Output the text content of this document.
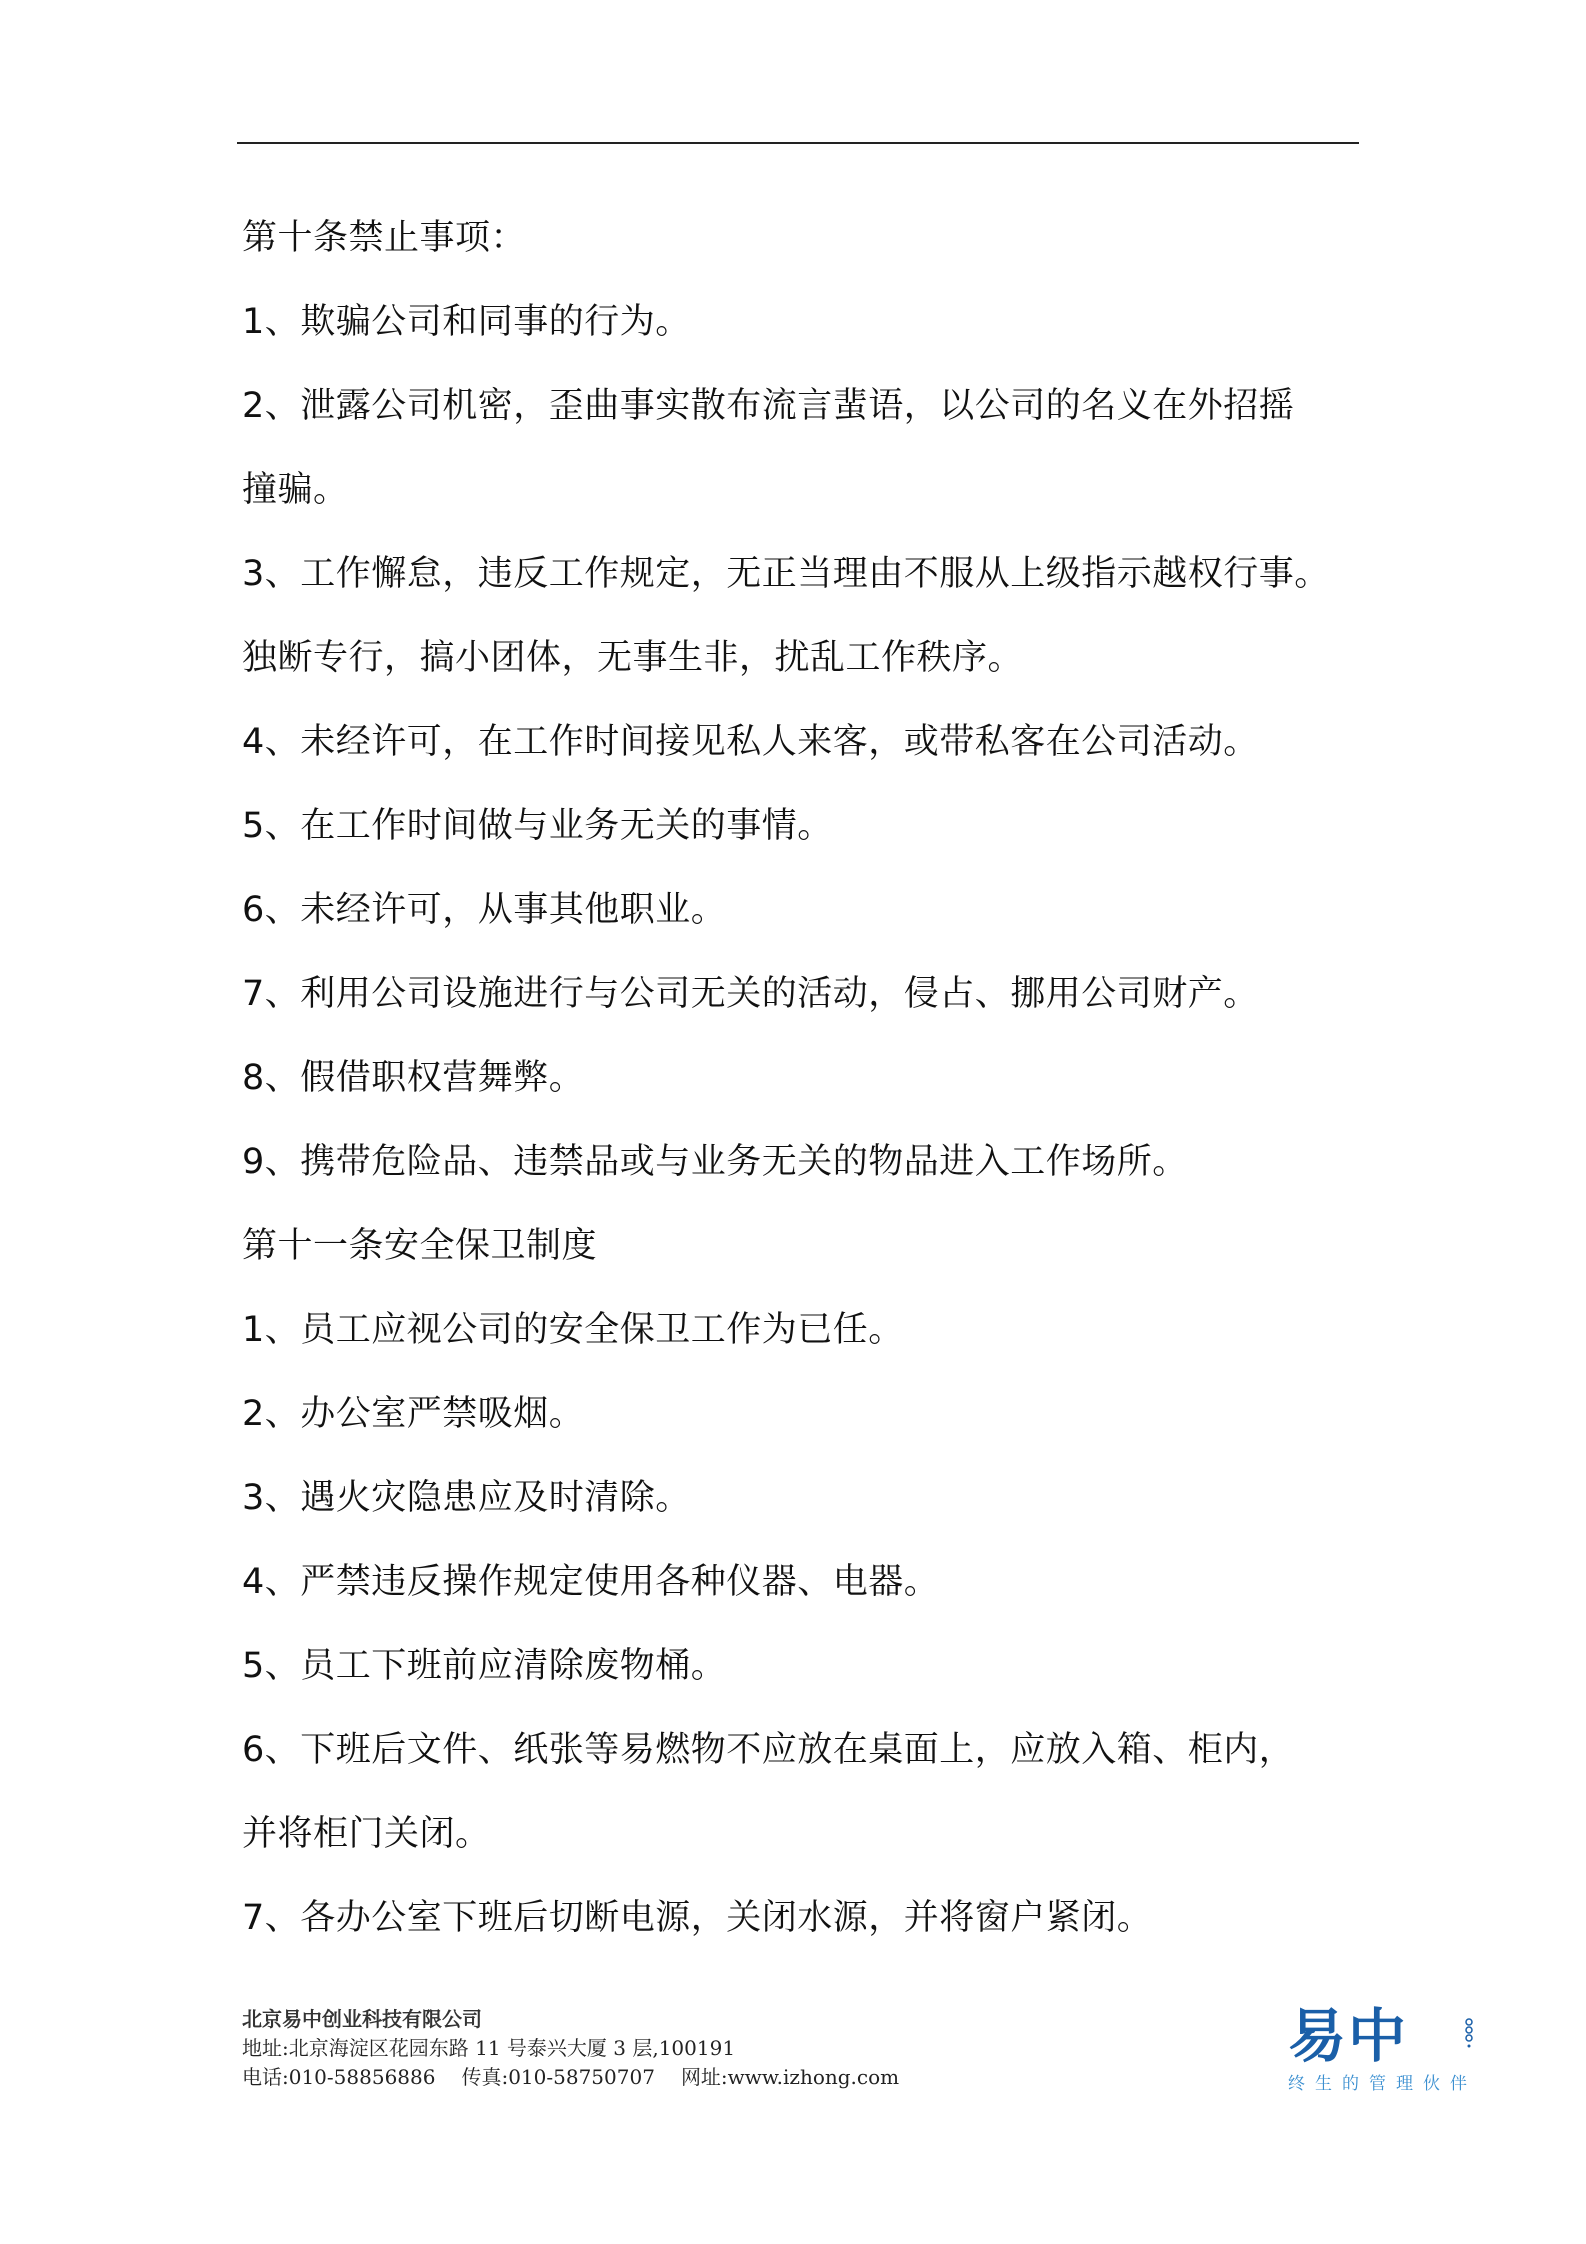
第十条禁止事项：
1、欺骗公司和同事的行为。
2、泄露公司机密，歪曲事实散布流言蜚语，以公司的名义在外招摇
撞骗。
3、工作懈怠，违反工作规定，无正当理由不服从上级指示越权行事。
独断专行，搞小团体，无事生非，扰乱工作秩序。
4、未经许可，在工作时间接见私人来客，或带私客在公司活动。
5、在工作时间做与业务无关的事情。
6、未经许可，从事其他职业。
7、利用公司设施进行与公司无关的活动，侵占、挪用公司财产。
8、假借职权营舞弊。
9、携带危险品、违禁品或与业务无关的物品进入工作场所。
第十一条安全保卫制度
1、员工应视公司的安全保卫工作为已任。
2、办公室严禁吸烟。
3、遇火灾隐患应及时清除。
4、严禁违反操作规定使用各种仪器、电器。
5、员工下班前应清除废物桶。
6、下班后文件、纸张等易燃物不应放在桌面上，应放入箱、柜内，
并将柜门关闭。
7、各办公室下班后切断电源，关闭水源，并将窗户紧闭。
北京易中创业科技有限公司
地址:北京海淀区花园东路 11 号泰兴大厦 3 层,100191
电话:010-58856886 传真:010-58750707 网址:www.izhong.com
易中
终生的管理伙伴
